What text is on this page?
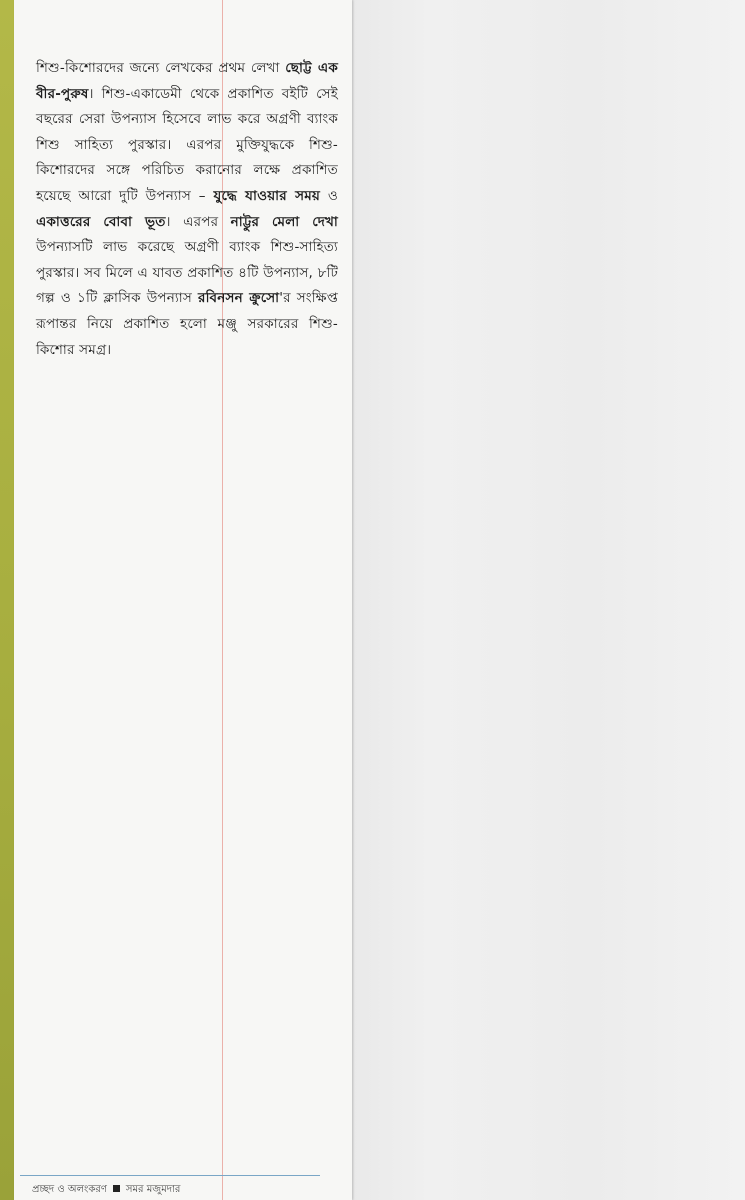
শিশু-কিশোরদের জন্যে লেখকের প্রথম লেখা ছোট্ট এক বীর-পুরুষ। শিশু-একাডেমী থেকে প্রকাশিত বইটি সেই বছরের সেরা উপন্যাস হিসেবে লাভ করে অগ্রণী ব্যাংক শিশু সাহিত্য পুরস্কার। এরপর মুক্তিযুদ্ধকে শিশু-কিশোরদের সঙ্গে পরিচিত করানোর লক্ষে প্রকাশিত হয়েছে আরো দুটি উপন্যাস – যুদ্ধে যাওয়ার সময় ও একাত্তরের বোবা ভূত। এরপর নাট্টুর মেলা দেখা উপন্যাসটি লাভ করেছে অগ্রণী ব্যাংক শিশু-সাহিত্য পুরস্কার। সব মিলে এ যাবত প্রকাশিত ৪টি উপন্যাস, ৮টি গল্প ও ১টি ক্লাসিক উপন্যাস রবিনসন ক্রুসো'র সংক্ষিপ্ত রূপান্তর নিয়ে প্রকাশিত হলো মঞ্জু সরকারের শিশু-কিশোর সমগ্র।

প্রচ্ছদ ও অলংকরণ সমর মজুমদার
